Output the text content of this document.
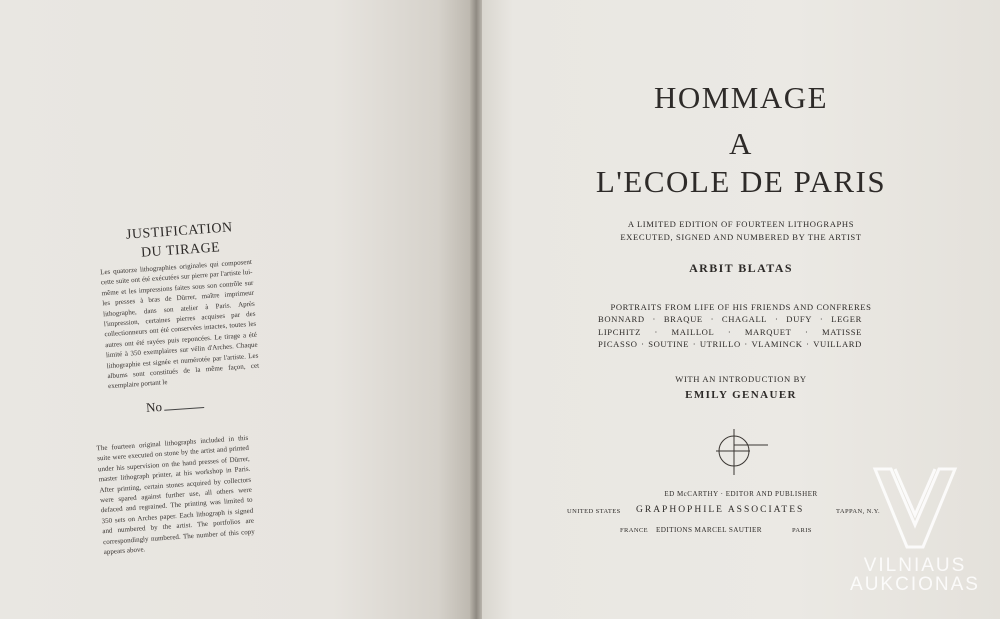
JUSTIFICATION
DU TIRAGE
Les quatorze lithographies originales qui composent cette suite ont été exécutées sur pierre par l'artiste lui-même et les impressions faites sous son contrôle sur les presses à bras de Dürrer, maître imprimeur lithographe, dans son atelier à Paris. Après l'impression, certaines pierres acquises par des collectionneurs ont été conservées intactes, toutes les autres ont été rayées puis reponcées. Le tirage a été limité à 350 exemplaires sur vélin d'Arches. Chaque lithographie est signée et numérotée par l'artiste. Les albums sont constitués de la même façon, cet exemplaire portant le
No
The fourteen original lithographs included in this suite were executed on stone by the artist and printed under his supervision on the hand presses of Dürrer, master lithograph printer, at his workshop in Paris. After printing, certain stones acquired by collectors were spared against further use, all others were defaced and regrained. The printing was limited to 350 sets on Arches paper. Each lithograph is signed and numbered by the artist. The portfolios are correspondingly numbered. The number of this copy appears above.
HOMMAGE
A
L'ECOLE DE PARIS
A LIMITED EDITION OF FOURTEEN LITHOGRAPHS
EXECUTED, SIGNED AND NUMBERED BY THE ARTIST
ARBIT BLATAS
PORTRAITS FROM LIFE OF HIS FRIENDS AND CONFRERES
BONNARD · BRAQUE · CHAGALL · DUFY · LEGER
LIPCHITZ · MAILLOL · MARQUET · MATISSE
PICASSO · SOUTINE · UTRILLO · VLAMINCK · VUILLARD
WITH AN INTRODUCTION BY
EMILY GENAUER
ED McCARTHY · EDITOR AND PUBLISHER
UNITED STATES GRAPHOPHILE ASSOCIATES	TAPPAN, N.Y.
FRANCE EDITIONS MARCEL SAUTIER	PARIS
VILNIAUS
AUKCIONAS
